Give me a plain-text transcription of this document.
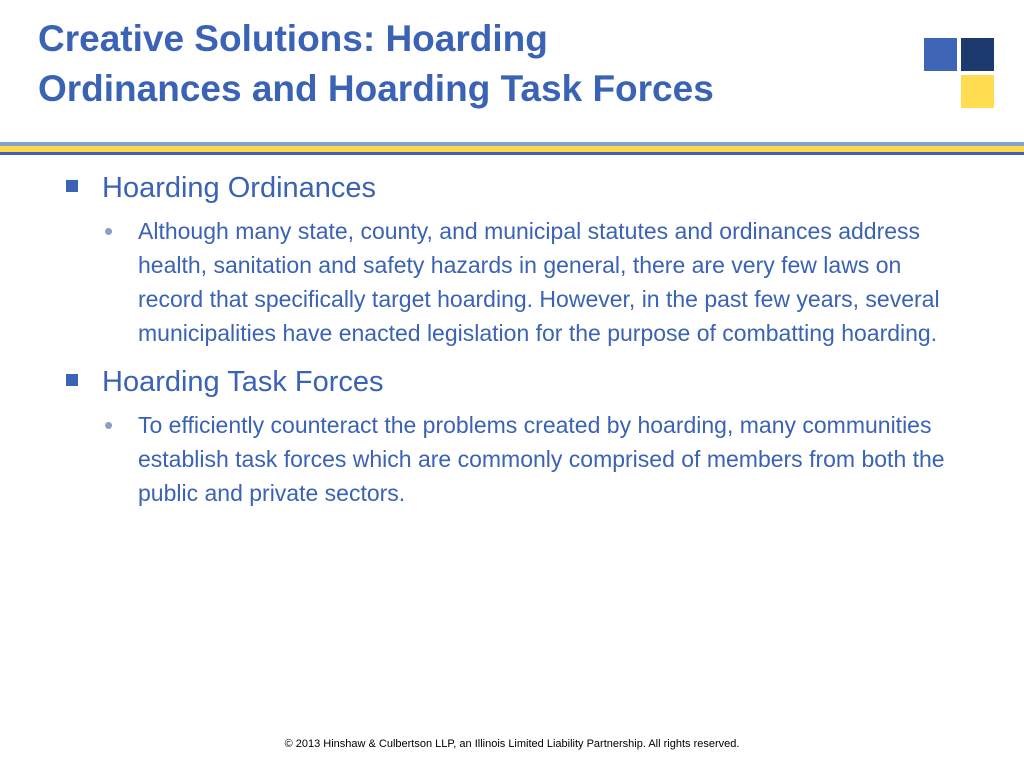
Creative Solutions: Hoarding
Ordinances and Hoarding Task Forces
Hoarding Ordinances
• Although many state, county, and municipal statutes and ordinances address health, sanitation and safety hazards in general, there are very few laws on record that specifically target hoarding. However, in the past few years, several municipalities have enacted legislation for the purpose of combatting hoarding.
Hoarding Task Forces
• To efficiently counteract the problems created by hoarding, many communities establish task forces which are commonly comprised of members from both the public and private sectors.
© 2013 Hinshaw & Culbertson LLP, an Illinois Limited Liability Partnership. All rights reserved.
